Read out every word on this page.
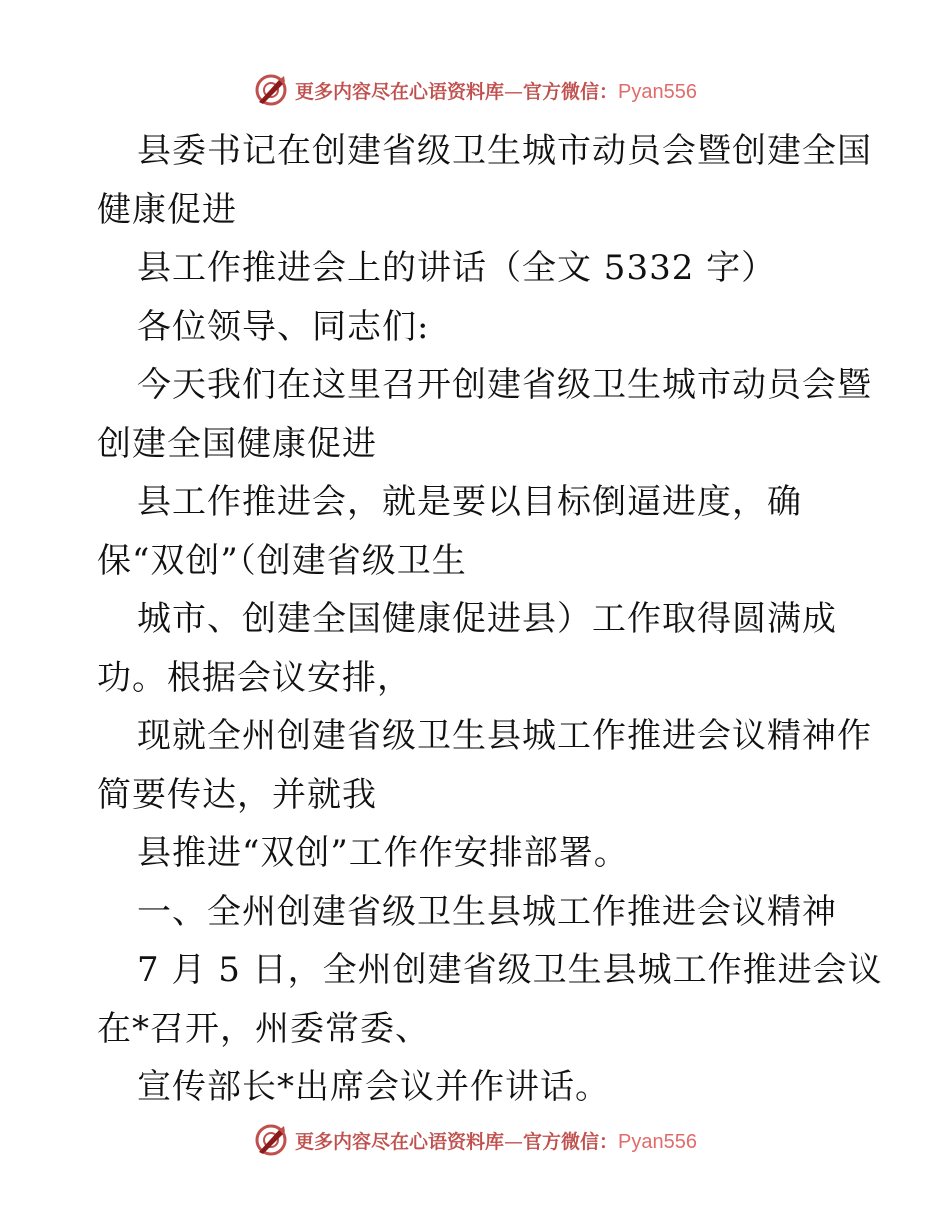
更多内容尽在心语资料库—官方微信：Pyan556
县委书记在创建省级卫生城市动员会暨创建全国
健康促进
县工作推进会上的讲话（全文 5332 字）
各位领导、同志们:
今天我们在这里召开创建省级卫生城市动员会暨
创建全国健康促进
县工作推进会，就是要以目标倒逼进度，确
保“双创”（创建省级卫生
城市、创建全国健康促进县）工作取得圆满成
功。根据会议安排，
现就全州创建省级卫生县城工作推进会议精神作
简要传达，并就我
县推进“双创”工作作安排部署。
一、全州创建省级卫生县城工作推进会议精神
7 月 5 日，全州创建省级卫生县城工作推进会议
在*召开，州委常委、
宣传部长*出席会议并作讲话。
更多内容尽在心语资料库—官方微信：Pyan556
